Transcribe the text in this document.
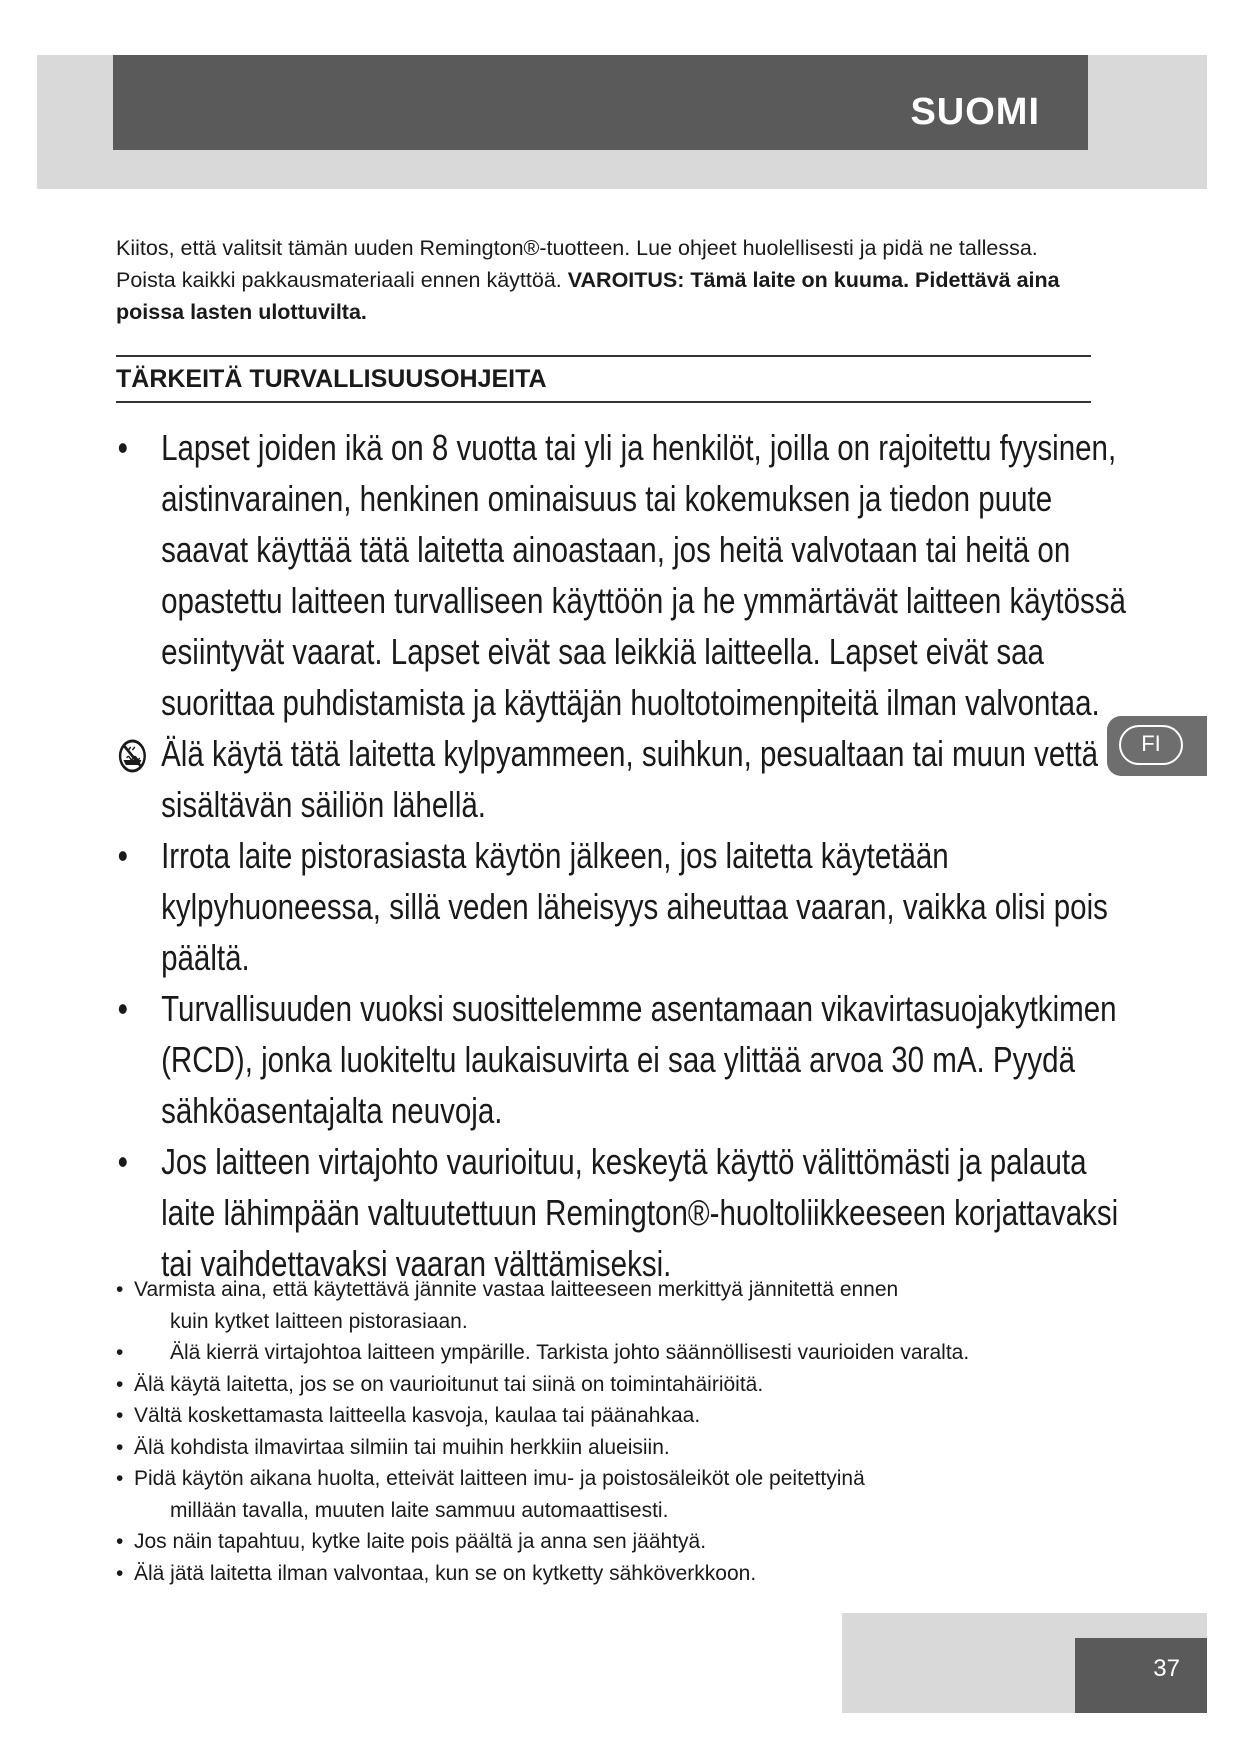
SUOMI

Kiitos, että valitsit tämän uuden Remington®-tuotteen. Lue ohjeet huolellisesti ja pidä ne tallessa. Poista kaikki pakkausmateriaali ennen käyttöä. VAROITUS: Tämä laite on kuuma. Pidettävä aina poissa lasten ulottuvilta.

TÄRKEITÄ TURVALLISUUSOHJEITA
• Lapset joiden ikä on 8 vuotta tai yli ja henkilöt, joilla on rajoitettu fyysinen, aistinvarainen, henkinen ominaisuus tai kokemuksen ja tiedon puute saavat käyttää tätä laitetta ainoastaan, jos heitä valvotaan tai heitä on opastettu laitteen turvalliseen käyttöön ja he ymmärtävät laitteen käytössä esiintyvät vaarat. Lapset eivät saa leikkiä laitteella. Lapset eivät saa suorittaa puhdistamista ja käyttäjän huoltotoimenpiteitä ilman valvontaa.
Älä käytä tätä laitetta kylpyammeen, suihkun, pesualtaan tai muun vettä sisältävän säiliön lähellä.
• Irrota laite pistorasiasta käytön jälkeen, jos laitetta käytetään kylpyhuoneessa, sillä veden läheisyys aiheuttaa vaaran, vaikka olisi pois päältä.
• Turvallisuuden vuoksi suosittelemme asentamaan vikavirtasuojakytkimen (RCD), jonka luokiteltu laukaisuvirta ei saa ylittää arvoa 30 mA. Pyydä sähköasentajalta neuvoja.
• Jos laitteen virtajohto vaurioituu, keskeytä käyttö välittömästi ja palauta laite lähimpään valtuutettuun Remington®-huoltoliikkeeseen korjattavaksi tai vaihdettavaksi vaaran välttämiseksi.
• Varmista aina, että käytettävä jännite vastaa laitteeseen merkittyä jännitettä ennen
kuin kytket laitteen pistorasiaan.
• Älä kierrä virtajohtoa laitteen ympärille. Tarkista johto säännöllisesti vaurioiden varalta.
• Älä käytä laitetta, jos se on vaurioitunut tai siinä on toimintahäiriöitä.
• Vältä koskettamasta laitteella kasvoja, kaulaa tai päänahkaa.
• Älä kohdista ilmavirtaa silmiin tai muihin herkkiin alueisiin.
• Pidä käytön aikana huolta, etteivät laitteen imu- ja poistosäleiköt ole peitettyinä
millään tavalla, muuten laite sammuu automaattisesti.
• Jos näin tapahtuu, kytke laite pois päältä ja anna sen jäähtyä.
• Älä jätä laitetta ilman valvontaa, kun se on kytketty sähköverkkoon.
FI

37
